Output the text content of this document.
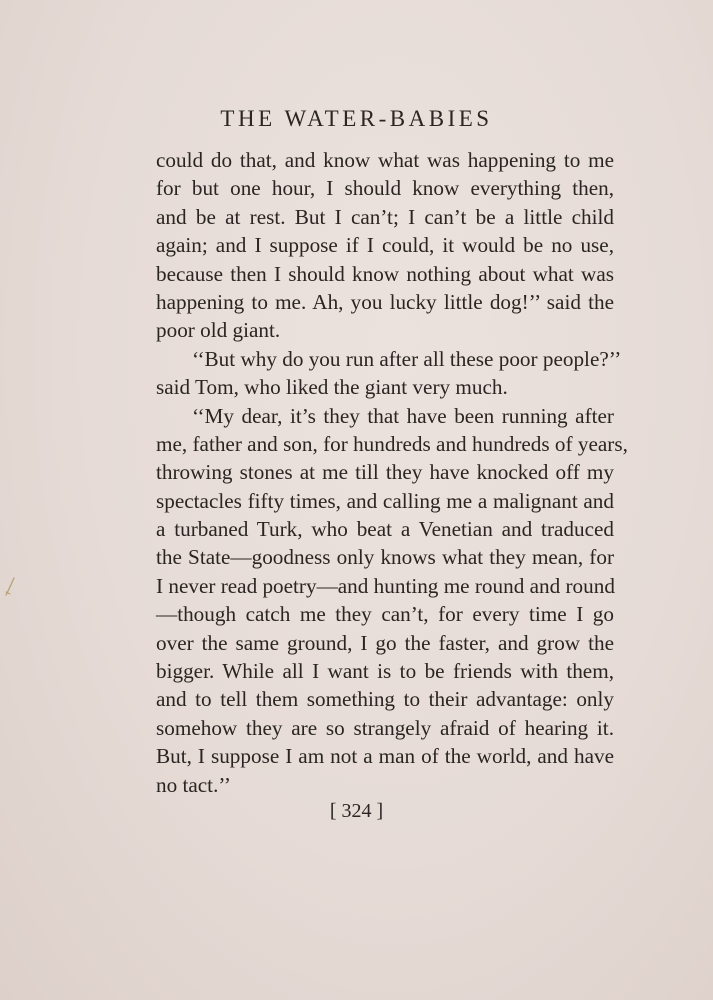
THE WATER-BABIES
could do that, and know what was happening to me
for but one hour, I should know everything then,
and be at rest. But I can’t; I can’t be a little child
again; and I suppose if I could, it would be no use,
because then I should know nothing about what was
happening to me. Ah, you lucky little dog!’’ said the
poor old giant.
‘‘But why do you run after all these poor people?’’
said Tom, who liked the giant very much.
‘‘My dear, it’s they that have been running after
me, father and son, for hundreds and hundreds of years,
throwing stones at me till they have knocked off my
spectacles fifty times, and calling me a malignant and
a turbaned Turk, who beat a Venetian and traduced
the State—goodness only knows what they mean, for
I never read poetry—and hunting me round and round
—though catch me they can’t, for every time I go
over the same ground, I go the faster, and grow the
bigger. While all I want is to be friends with them,
and to tell them something to their advantage: only
somehow they are so strangely afraid of hearing it.
But, I suppose I am not a man of the world, and have
no tact.’’
[ 324 ]
